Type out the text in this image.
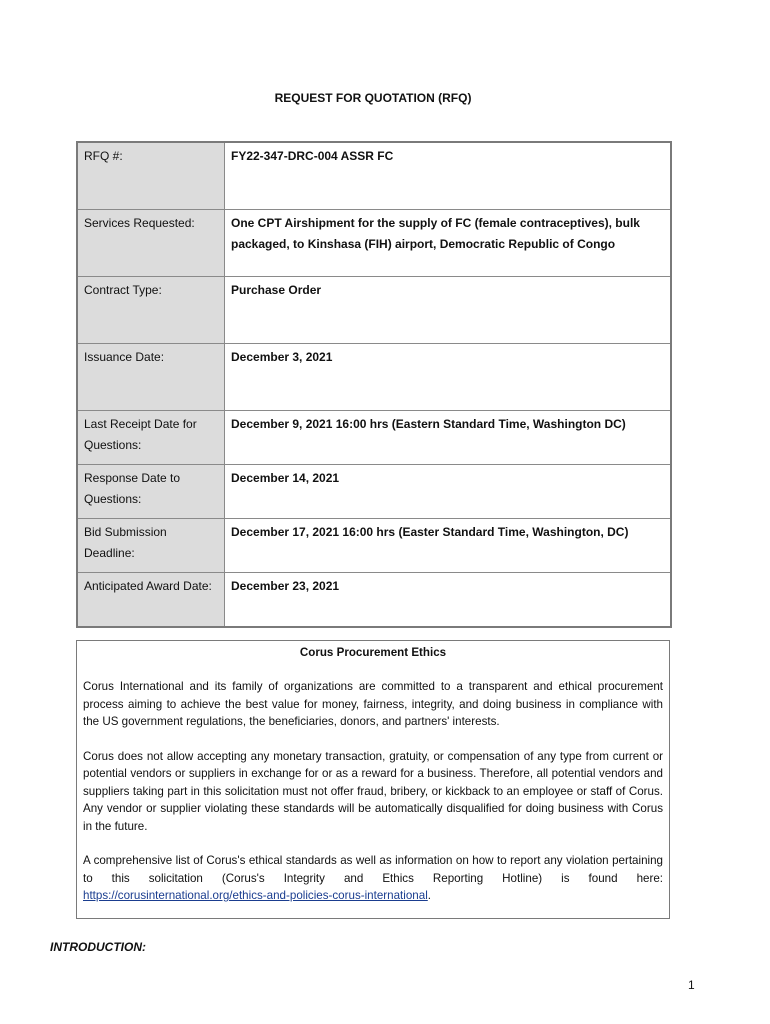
REQUEST FOR QUOTATION (RFQ)
RFQ #:	FY22-347-DRC-004 ASSR FC
Services Requested:	One CPT Airshipment for the supply of FC (female contraceptives), bulk packaged, to Kinshasa (FIH) airport, Democratic Republic of Congo
Contract Type:	Purchase Order
Issuance Date:	December 3, 2021
Last Receipt Date for Questions:	December 9, 2021 16:00 hrs (Eastern Standard Time, Washington DC)
Response Date to Questions:	December 14, 2021
Bid Submission Deadline:	December 17, 2021 16:00 hrs (Easter Standard Time, Washington, DC)
Anticipated Award Date:	December 23, 2021
Corus Procurement Ethics

Corus International and its family of organizations are committed to a transparent and ethical procurement process aiming to achieve the best value for money, fairness, integrity, and doing business in compliance with the US government regulations, the beneficiaries, donors, and partners' interests.

Corus does not allow accepting any monetary transaction, gratuity, or compensation of any type from current or potential vendors or suppliers in exchange for or as a reward for a business. Therefore, all potential vendors and suppliers taking part in this solicitation must not offer fraud, bribery, or kickback to an employee or staff of Corus. Any vendor or supplier violating these standards will be automatically disqualified for doing business with Corus in the future.

A comprehensive list of Corus's ethical standards as well as information on how to report any violation pertaining to this solicitation (Corus's Integrity and Ethics Reporting Hotline) is found here: https://corusinternational.org/ethics-and-policies-corus-international.

INTRODUCTION:
1
